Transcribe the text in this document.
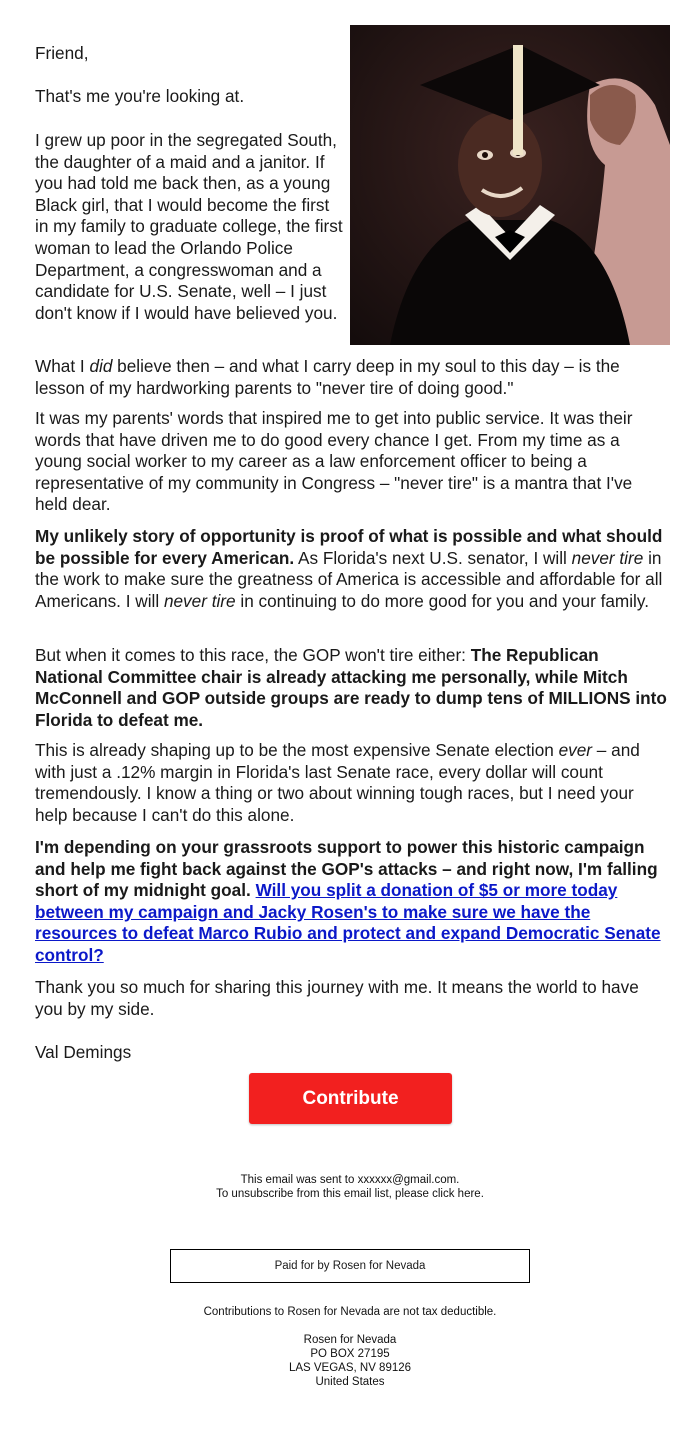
Friend,

That's me you're looking at.

I grew up poor in the segregated South, the daughter of a maid and a janitor. If you had told me back then, as a young Black girl, that I would become the first in my family to graduate college, the first woman to lead the Orlando Police Department, a congresswoman and a candidate for U.S. Senate, well – I just don't know if I would have believed you.

What I did believe then – and what I carry deep in my soul to this day – is the lesson of my hardworking parents to "never tire of doing good."

It was my parents' words that inspired me to get into public service. It was their words that have driven me to do good every chance I get. From my time as a young social worker to my career as a law enforcement officer to being a representative of my community in Congress – "never tire" is a mantra that I've held dear.

My unlikely story of opportunity is proof of what is possible and what should be possible for every American. As Florida's next U.S. senator, I will never tire in the work to make sure the greatness of America is accessible and affordable for all Americans. I will never tire in continuing to do more good for you and your family.

But when it comes to this race, the GOP won't tire either: The Republican National Committee chair is already attacking me personally, while Mitch McConnell and GOP outside groups are ready to dump tens of MILLIONS into Florida to defeat me.

This is already shaping up to be the most expensive Senate election ever – and with just a .12% margin in Florida's last Senate race, every dollar will count tremendously. I know a thing or two about winning tough races, but I need your help because I can't do this alone.

I'm depending on your grassroots support to power this historic campaign and help me fight back against the GOP's attacks – and right now, I'm falling short of my midnight goal. Will you split a donation of $5 or more today between my campaign and Jacky Rosen's to make sure we have the resources to defeat Marco Rubio and protect and expand Democratic Senate control?

Thank you so much for sharing this journey with me. It means the world to have you by my side.

Val Demings

Contribute
This email was sent to xxxxxx@gmail.com.
To unsubscribe from this email list, please click here.
Paid for by Rosen for Nevada
Contributions to Rosen for Nevada are not tax deductible.
Rosen for Nevada
PO BOX 27195
LAS VEGAS, NV 89126
United States
